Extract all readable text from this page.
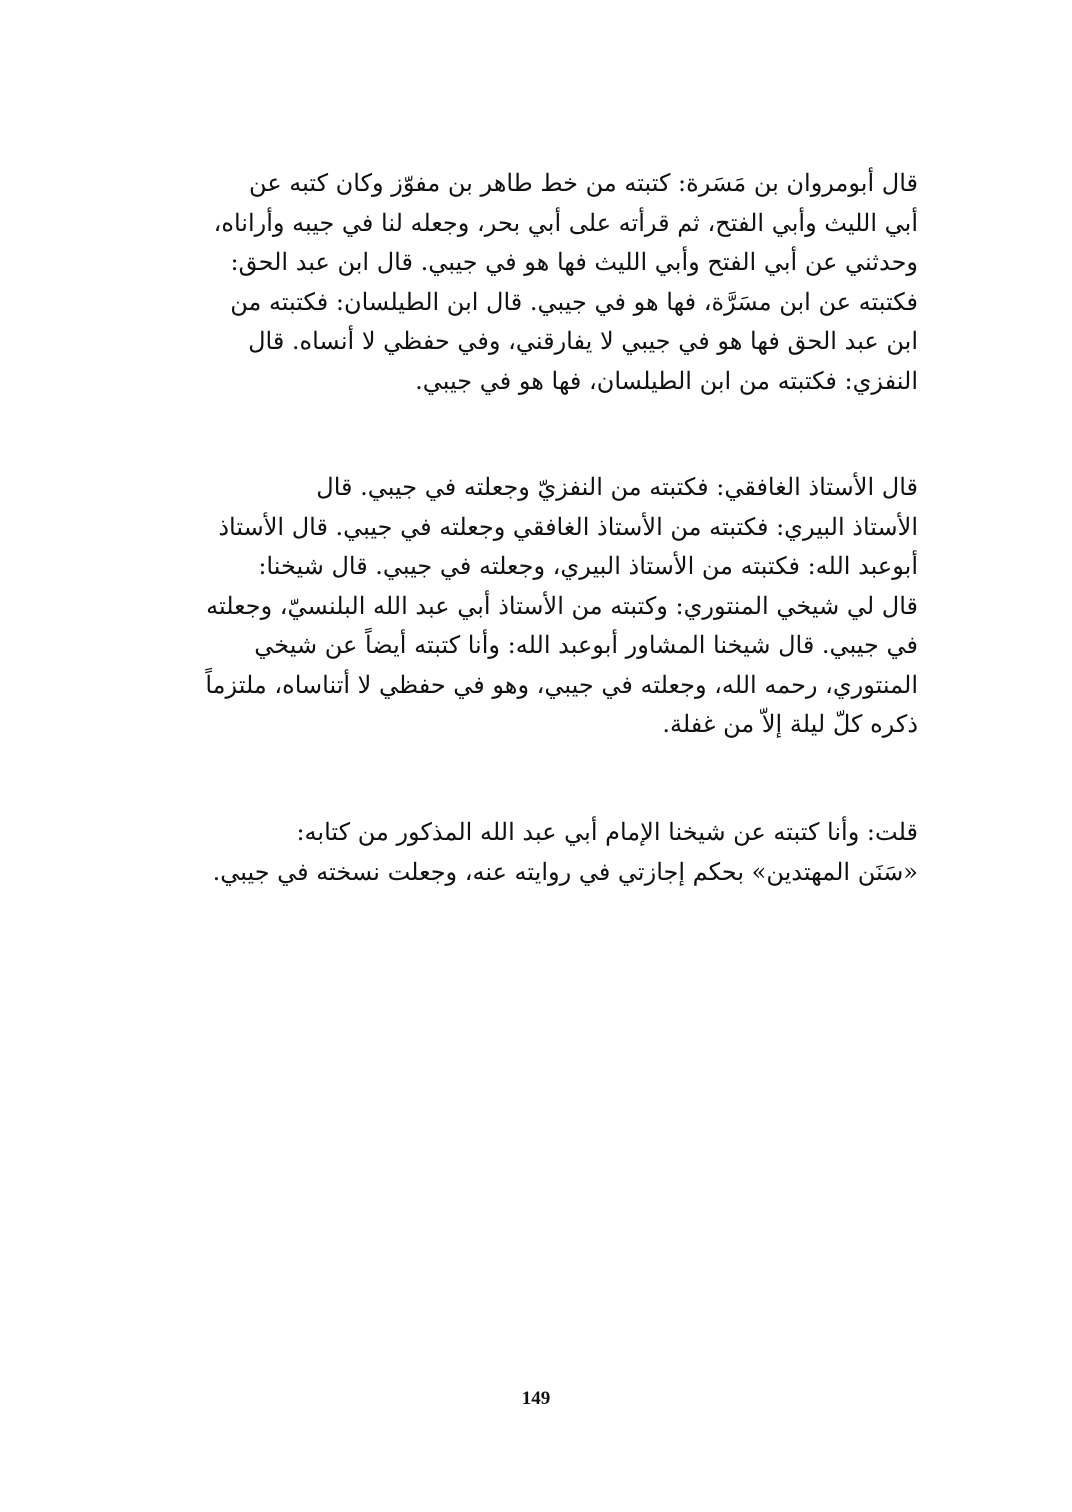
قال أبومروان بن مَسَرة: كتبته من خط طاهر بن مفوّز وكان كتبه عن
أبي الليث وأبي الفتح، ثم قرأته على أبي بحر، وجعله لنا في جيبه وأراناه،
وحدثني عن أبي الفتح وأبي الليث فها هو في جيبي. قال ابن عبد الحق:
فكتبته عن ابن مسَرَّة، فها هو في جيبي. قال ابن الطيلسان: فكتبته من
ابن عبد الحق فها هو في جيبي لا يفارقني، وفي حفظي لا أنساه. قال
النفزي: فكتبته من ابن الطيلسان، فها هو في جيبي.
قال الأستاذ الغافقي: فكتبته من النفزيّ وجعلته في جيبي. قال
الأستاذ البيري: فكتبته من الأستاذ الغافقي وجعلته في جيبي. قال الأستاذ
أبوعبد الله: فكتبته من الأستاذ البيري، وجعلته في جيبي. قال شيخنا:
قال لي شيخي المنتوري: وكتبته من الأستاذ أبي عبد الله البلنسيّ، وجعلته
في جيبي. قال شيخنا المشاور أبوعبد الله: وأنا كتبته أيضاً عن شيخي
المنتوري، رحمه الله، وجعلته في جيبي، وهو في حفظي لا أتناساه، ملتزماً
ذكره كلّ ليلة إلاّ من غفلة.
قلت: وأنا كتبته عن شيخنا الإمام أبي عبد الله المذكور من كتابه:
«سَنَن المهتدين» بحكم إجازتي في روايته عنه، وجعلت نسخته في جيبي.
149
